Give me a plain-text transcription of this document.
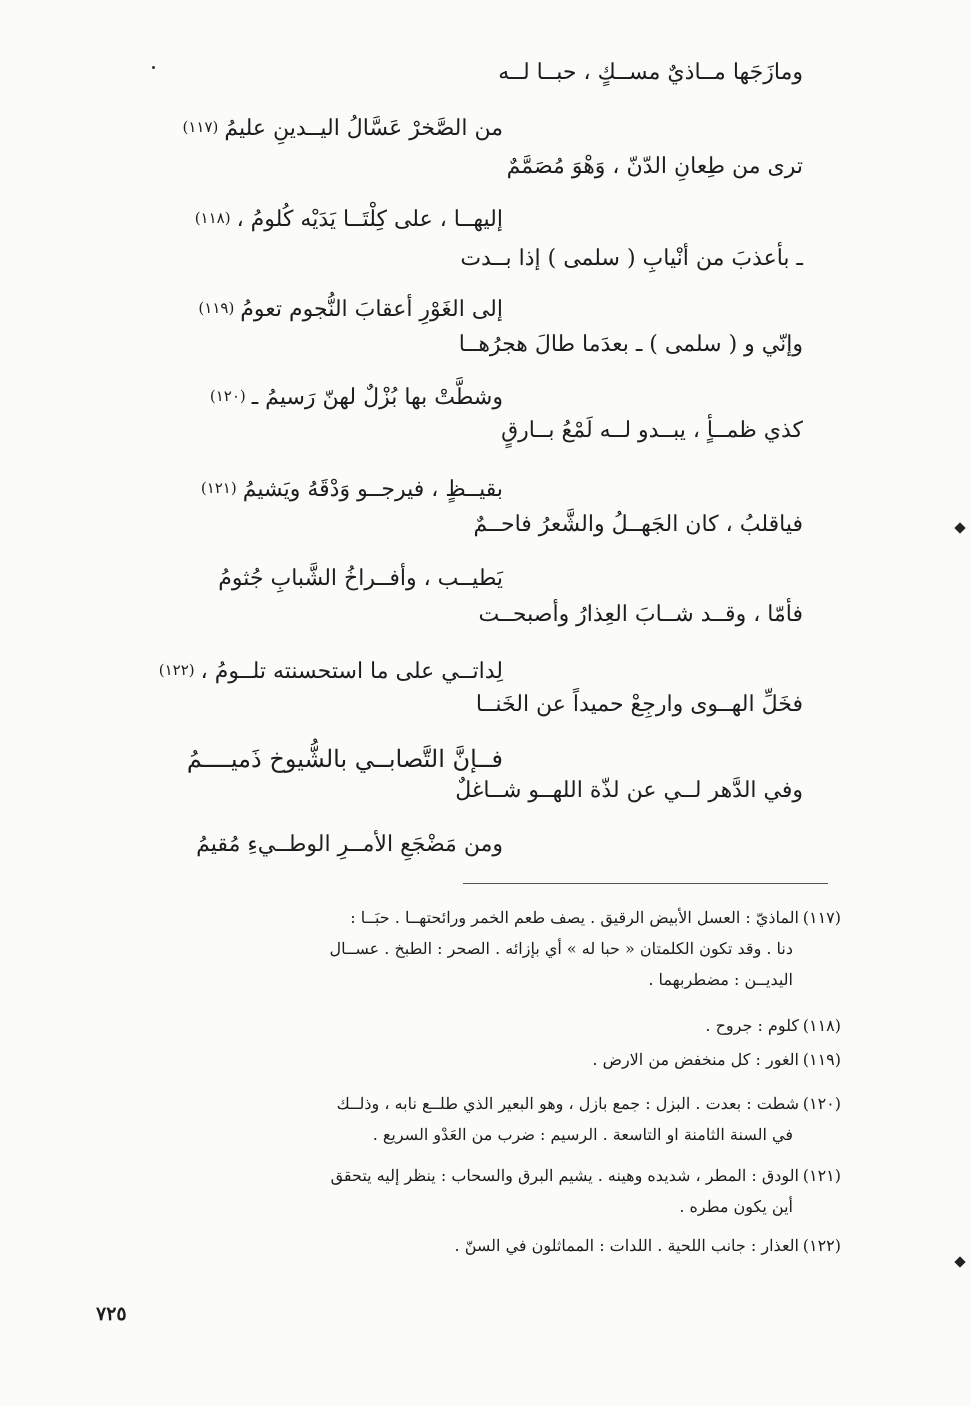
ومازَجَها مــاذيٌ مســكٍ ، حبــا لــه
من الصَّخرْ عَسَّالُ اليــدينِ عليمُ(١١٧)
ترى من طِعانِ الدّنّ ، وَهْوَ مُصَمَّمٌ
إليهــا ، على كِلْتَــا يَدَيْه كُلومُ ،(١١٨)
ـ بأعذبَ من أنْيابِ ( سلمى ) إذا بــدت
إلى الغَوْرِ أعقابَ النُّجوم تعومُ(١١٩)
وإنّي و ( سلمى ) ـ بعدَما طالَ هجرُهــا
وشطَّتْ بها بُزْلٌ لهنّ رَسيمُ ـ(١٢٠)
كذي ظمــأٍ ، يبــدو لــه لَمْعُ بــارقٍ
بقيــظٍ ، فيرجــو وَدْقَهُ ويَشيمُ(١٢١)
فياقلبُ ، كان الجَهــلُ والشَّعرُ فاحــمٌ
يَطيــب ، وأفــراخُ الشَّبابِ جُثومُ
فأمّا ، وقــد شــابَ العِذارُ وأصبحــت
لِداتــي على ما استحسنته تلــومُ ،(١٢٢)
فخَلِّ الهــوى وارجِعْ حميداً عن الخَنــا
فــإنَّ التَّصابــي بالشُّيوخ ذَميــــمُ
وفي الدَّهر لــي عن لذّة اللهــو شــاغلٌ
ومن مَضْجَعِ الأمــرِ الوطــيءِ مُقيمُ
(١١٧)الماذيّ : العسل الأبيض الرقيق . يصف طعم الخمر ورائحتهــا . حبَــا :
دنا . وقد تكون الكلمتان « حبا له » أي بإزائه . الصحر : الطبخ . عســال
اليديــن : مضطربهما .
(١١٨)كلوم : جروح .
(١١٩)الغور : كل منخفض من الارض .
(١٢٠)شطت : بعدت . البزل : جمع بازل ، وهو البعير الذي طلــع نابه ، وذلــك
في السنة الثامنة او التاسعة . الرسيم : ضرب من العَدْو السريع .
(١٢١)الودق : المطر ، شديده وهينه . يشيم البرق والسحاب : ينظر إليه يتحقق
أين يكون مطره .
(١٢٢)العذار : جانب اللحية . اللدات : المماثلون في السنّ .
٧٢٥
